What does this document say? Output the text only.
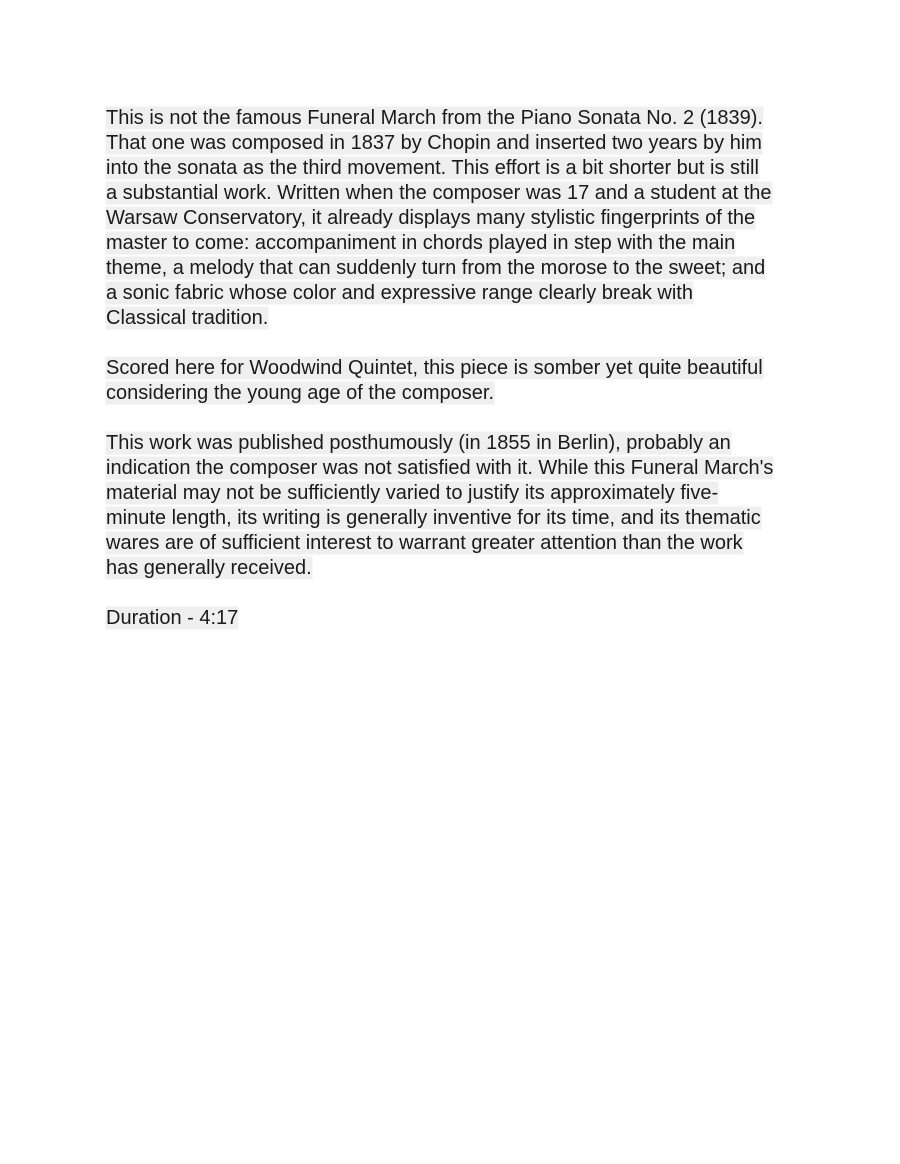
This is not the famous Funeral March from the Piano Sonata No. 2 (1839).
That one was composed in 1837 by Chopin and inserted two years by him
into the sonata as the third movement. This effort is a bit shorter but is still
a substantial work. Written when the composer was 17 and a student at the
Warsaw Conservatory, it already displays many stylistic fingerprints of the
master to come: accompaniment in chords played in step with the main
theme, a melody that can suddenly turn from the morose to the sweet; and
a sonic fabric whose color and expressive range clearly break with
Classical tradition.

Scored here for Woodwind Quintet, this piece is somber yet quite beautiful
considering the young age of the composer.

This work was published posthumously (in 1855 in Berlin), probably an
indication the composer was not satisfied with it. While this Funeral March's
material may not be sufficiently varied to justify its approximately five-
minute length, its writing is generally inventive for its time, and its thematic
wares are of sufficient interest to warrant greater attention than the work
has generally received.

Duration - 4:17
